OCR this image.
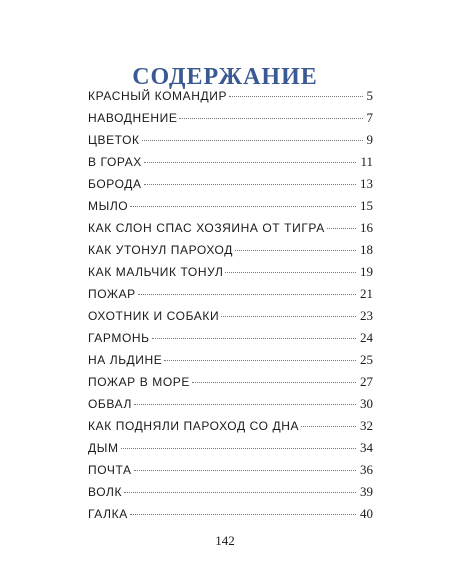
СОДЕРЖАНИЕ
КРАСНЫЙ КОМАНДИР	5
НАВОДНЕНИЕ	7
ЦВЕТОК	9
В ГОРАХ	11
БОРОДА	13
МЫЛО	15
КАК СЛОН СПАС ХОЗЯИНА ОТ ТИГРА	16
КАК УТОНУЛ ПАРОХОД	18
КАК МАЛЬЧИК ТОНУЛ	19
ПОЖАР	21
ОХОТНИК И СОБАКИ	23
ГАРМОНЬ	24
НА ЛЬДИНЕ	25
ПОЖАР В МОРЕ	27
ОБВАЛ	30
КАК ПОДНЯЛИ ПАРОХОД СО ДНА	32
ДЫМ	34
ПОЧТА	36
ВОЛК	39
ГАЛКА	40
142
